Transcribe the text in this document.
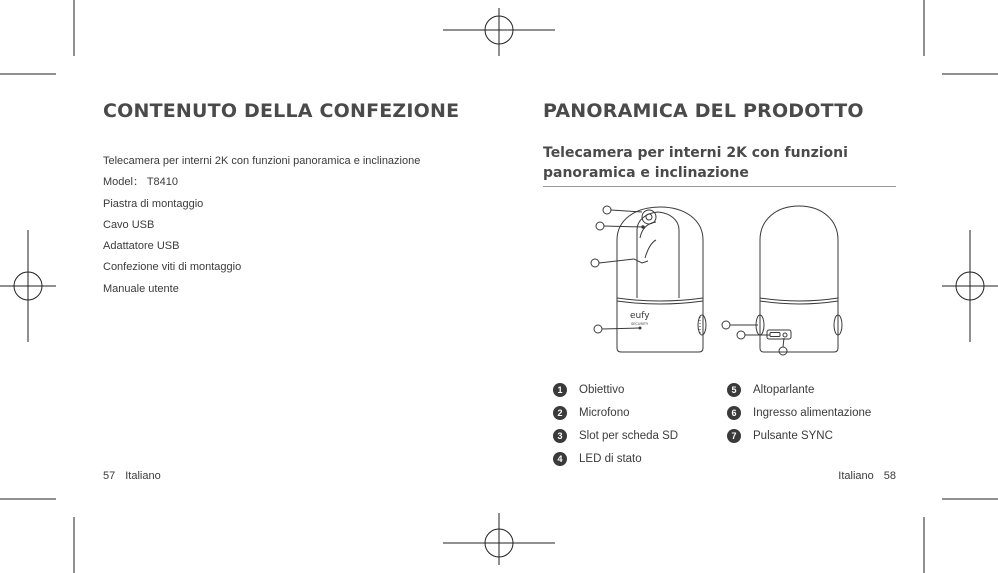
CONTENUTO DELLA CONFEZIONE
Telecamera per interni 2K con funzioni panoramica e inclinazione
Model： T8410
Piastra di montaggio
Cavo USB
Adattatore USB
Confezione viti di montaggio
Manuale utente
57 Italiano
PANORAMICA DEL PRODOTTO

Telecamera per interni 2K con funzioni

panoramica e inclinazione

eufy
SECURITY
1	Obiettivo
2	Microfono
3	Slot per scheda SD
4	LED di stato
5	Altoparlante
6	Ingresso alimentazione
7	Pulsante SYNC
Italiano 58
